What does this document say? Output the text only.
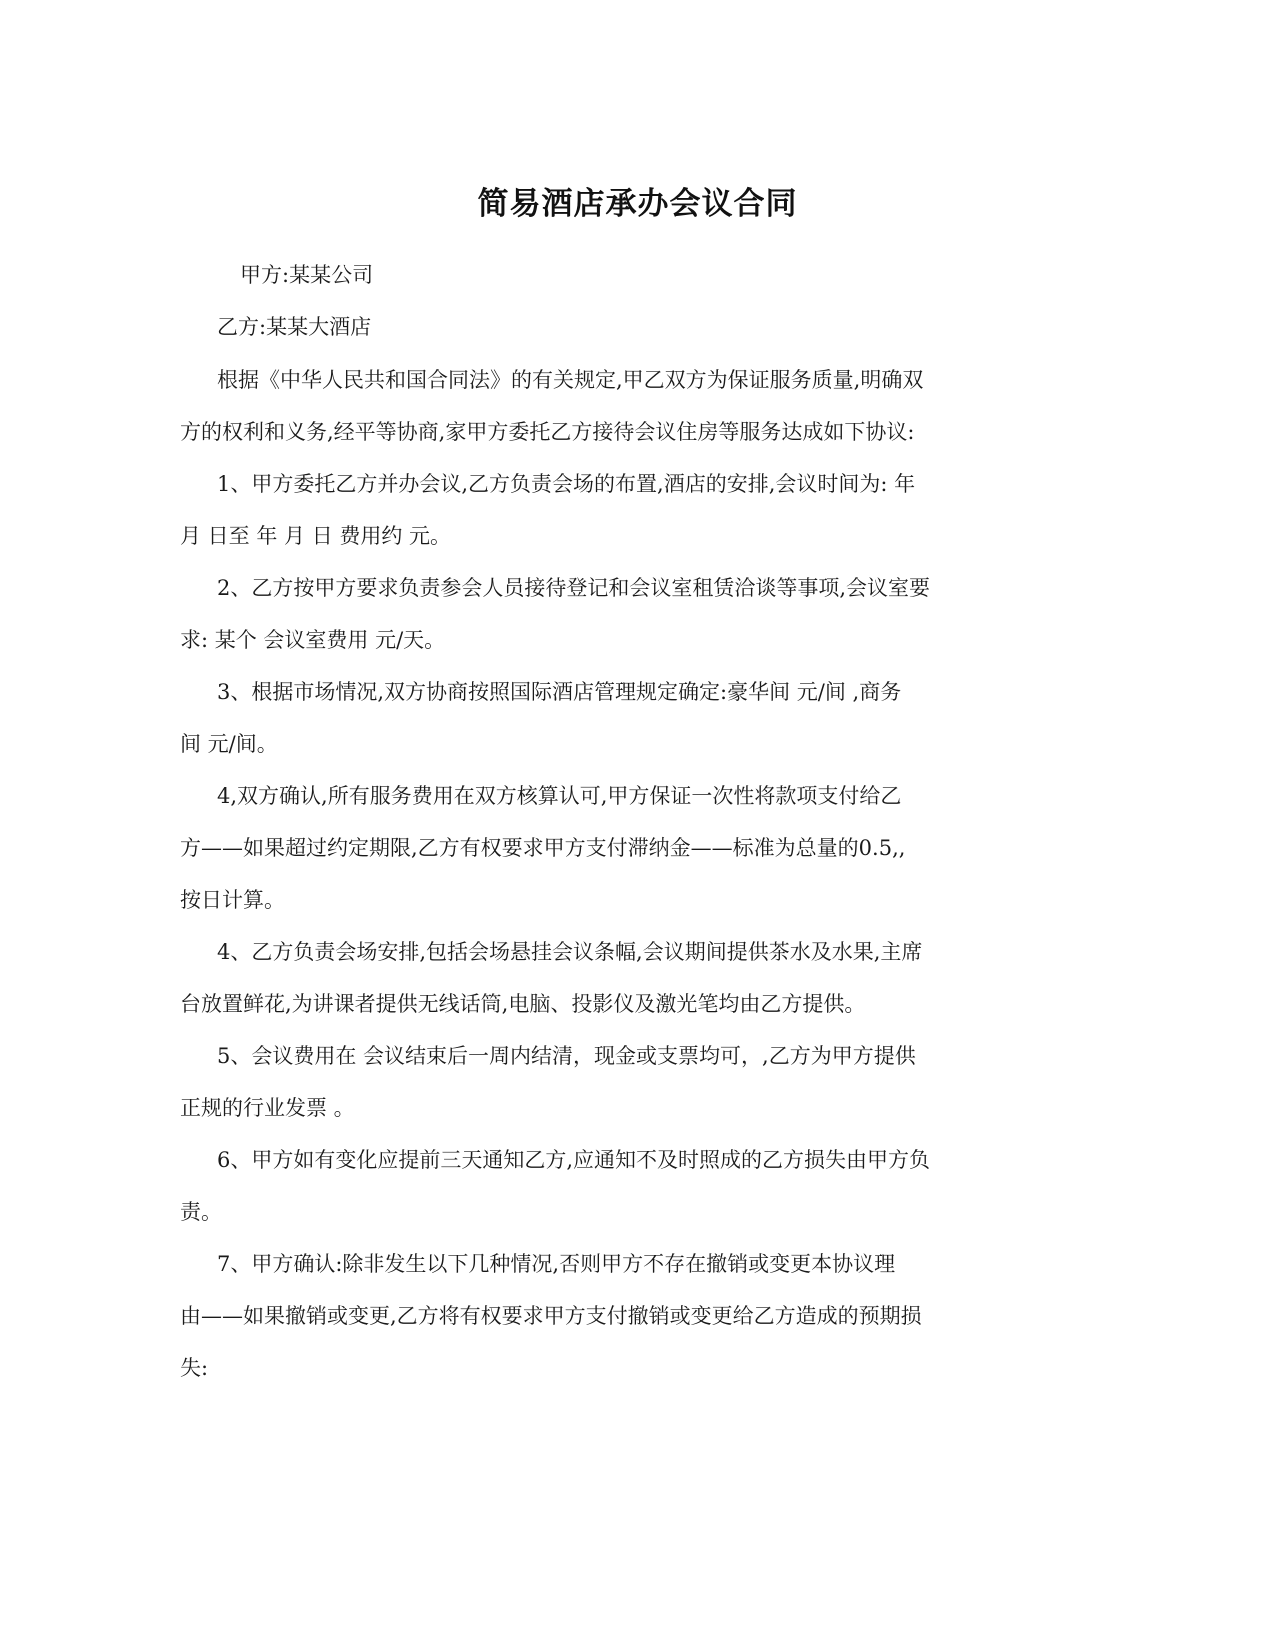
简易酒店承办会议合同
甲方:某某公司
乙方:某某大酒店
根据《中华人民共和国合同法》的有关规定,甲乙双方为保证服务质量,明确双
方的权利和义务,经平等协商,家甲方委托乙方接待会议住房等服务达成如下协议:
1、甲方委托乙方并办会议,乙方负责会场的布置,酒店的安排,会议时间为: 年
月 日至 年 月 日 费用约 元。
2、乙方按甲方要求负责参会人员接待登记和会议室租赁洽谈等事项,会议室要
求: 某个 会议室费用 元/天。
3、根据市场情况,双方协商按照国际酒店管理规定确定:豪华间 元/间 ,商务
间 元/间。
4,双方确认,所有服务费用在双方核算认可,甲方保证一次性将款项支付给乙
方——如果超过约定期限,乙方有权要求甲方支付滞纳金——标准为总量的0.5,,
按日计算。
4、乙方负责会场安排,包括会场悬挂会议条幅,会议期间提供茶水及水果,主席
台放置鲜花,为讲课者提供无线话筒,电脑、投影仪及激光笔均由乙方提供。
5、会议费用在 会议结束后一周内结清，现金或支票均可，,乙方为甲方提供
正规的行业发票 。
6、甲方如有变化应提前三天通知乙方,应通知不及时照成的乙方损失由甲方负
责。
7、甲方确认:除非发生以下几种情况,否则甲方不存在撤销或变更本协议理
由——如果撤销或变更,乙方将有权要求甲方支付撤销或变更给乙方造成的预期损
失:
